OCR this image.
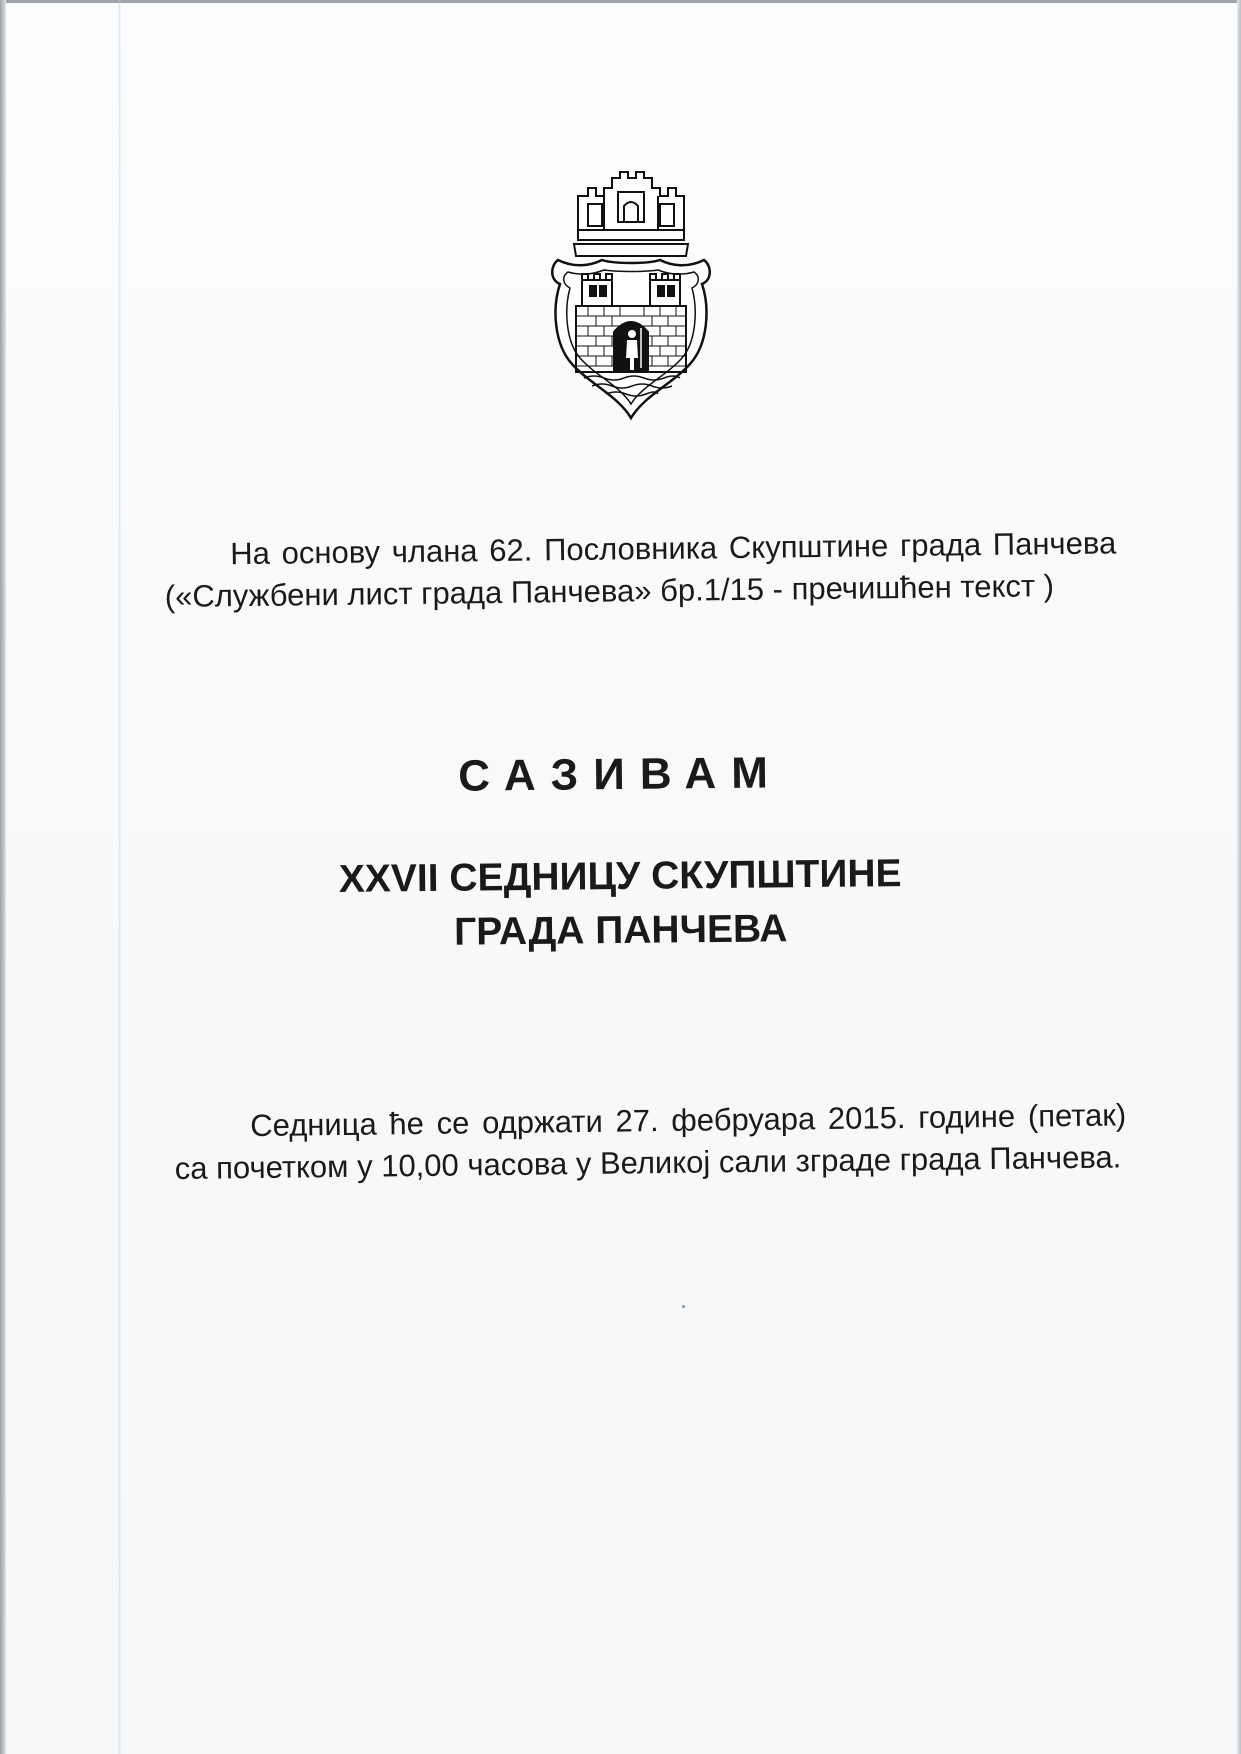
На основу члана 62. Пословника Скупштине града Панчева («Службени лист града Панчева» бр.1/15 - пречишћен текст )

САЗИВАМ
XXVII СЕДНИЦУ СКУПШТИНЕ
ГРАДА ПАНЧЕВА

Седница ће се одржати 27. фебруара 2015. године (петак) са почетком у 10,00 часова у Великој сали зграде града Панчева.
